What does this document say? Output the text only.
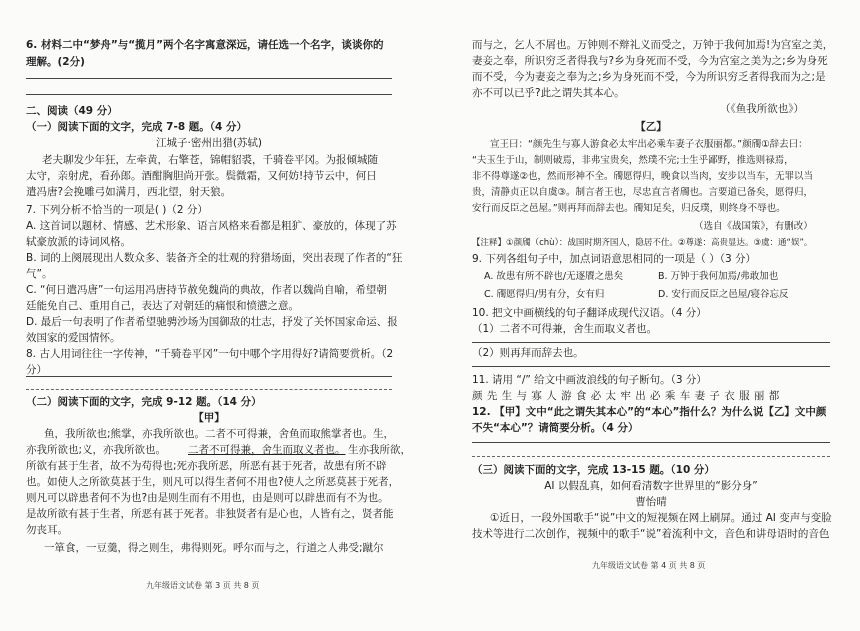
6. 材料二中“梦舟”与“揽月”两个名字寓意深远，请任选一个名字，谈谈你的
理解。(2分)
二、阅读（49 分）
（一）阅读下面的文字，完成 7-8 题。（4 分）
江城子·密州出猎(苏轼)
老夫聊发少年狂，左牵黄，右擎苍，锦帽貂裘，千骑卷平冈。为报倾城随
太守，亲射虎，看孙郎。酒酣胸胆尚开张。鬓微霜，又何妨!持节云中，何日
遣冯唐?会挽雕弓如满月，西北望，射天狼。
7. 下列分析不恰当的一项是( )（2 分）
A. 这首词以题材、情感、艺术形象、语言风格来看都是粗犷、豪放的，体现了苏
轼豪放派的诗词风格。
B. 词的上阕展现出人数众多、装备齐全的壮观的狩猎场面，突出表现了作者的“狂
气”。
C. “何日遣冯唐”一句运用冯唐持节赦免魏尚的典故，作者以魏尚自喻，希望朝
廷能免自己、重用自己，表达了对朝廷的痛恨和愤懑之意。
D. 最后一句表明了作者希望驰骋沙场为国御敌的壮志，抒发了关怀国家命运、报
效国家的爱国情怀。
8. 古人用词往往一字传神，“千骑卷平冈”一句中哪个字用得好?请简要赏析。（2
分）
（二）阅读下面的文字，完成 9-12 题。（14 分）
【甲】
鱼，我所欲也;熊掌，亦我所欲也。二者不可得兼，舍鱼而取熊掌者也。生，
亦我所欲也;义，亦我所欲也。 二者不可得兼，舍生而取义者也。 生亦我所欲，
所欲有甚于生者，故不为苟得也;死亦我所恶，所恶有甚于死者，故患有所不辟
也。如使人之所欲莫甚于生，则凡可以得生者何不用也?使人之所恶莫甚于死者，
则凡可以辟患者何不为也?由是则生而有不用也，由是则可以辟患而有不为也。
是故所欲有甚于生者，所恶有甚于死者。非独贤者有是心也，人皆有之，贤者能
勿丧耳。
一箪食，一豆羹，得之则生，弗得则死。呼尔而与之，行道之人弗受;蹴尔
九年级语文试卷 第 3 页 共 8 页
而与之，乞人不屑也。万钟则不辩礼义而受之，万钟于我何加焉!为宫室之美，
妻妾之奉，所识穷乏者得我与?乡为身死而不受，今为宫室之美为之;乡为身死
而不受，今为妻妾之奉为之;乡为身死而不受，今为所识穷乏者得我而为之;是
亦不可以已乎?此之谓失其本心。
（《鱼我所欲也》）
【乙】
宣王曰：“颜先生与寡人游食必太牢出必乘车妻子衣服丽都。”颜斶①辞去曰：
“夫玉生于山，制则破焉，非弗宝贵矣，然璞不完;士生乎鄙野，推选则禄焉，
非不得尊遂②也，然而形神不全。斶愿得归，晚食以当肉，安步以当车，无罪以当
贵，清静贞正以自虞③。制言者王也，尽忠直言者斶也。言要道已备矣，愿得归，
安行而反臣之邑屋。”则再拜而辞去也。斶知足矣，归反璞，则终身不辱也。
（选自《战国策》，有删改）
【注释】①颜斶（chù）：战国时期齐国人，隐居不仕。②尊遂：高贵显达。③虞：通“娱”。
9. 下列各组句子中，加点词语意思相同的一项是（ ）（3 分）
A. 故患有所不辟也/无逐餍之患矣	B. 万钟于我何加焉/弗敢加也
C. 斶愿得归/男有分，女有归	D. 安行而反臣之邑屋/寝谷忘反
10. 把文中画横线的句子翻译成现代汉语。（4 分）
（1）二者不可得兼，舍生而取义者也。
（2）则再拜而辞去也。
11. 请用 “/” 给文中画波浪线的句子断句。（3 分）
颜 先 生 与 寡 人 游 食 必 太 牢 出 必 乘 车 妻 子 衣 服 丽 都
12. 【甲】文中“此之谓失其本心”的“本心”指什么？为什么说【乙】文中颜
不失“本心”？请简要分析。（4 分）
（三）阅读下面的文字，完成 13-15 题。（10 分）
AI 以假乱真，如何看清数字世界里的“影分身”
曹怡晴
①近日，一段外国歌手“说”中文的短视频在网上刷屏。通过 AI 变声与变脸
技术等进行二次创作，视频中的歌手“说”着流利中文，音色和讲母语时的音色
九年级语文试卷 第 4 页 共 8 页
